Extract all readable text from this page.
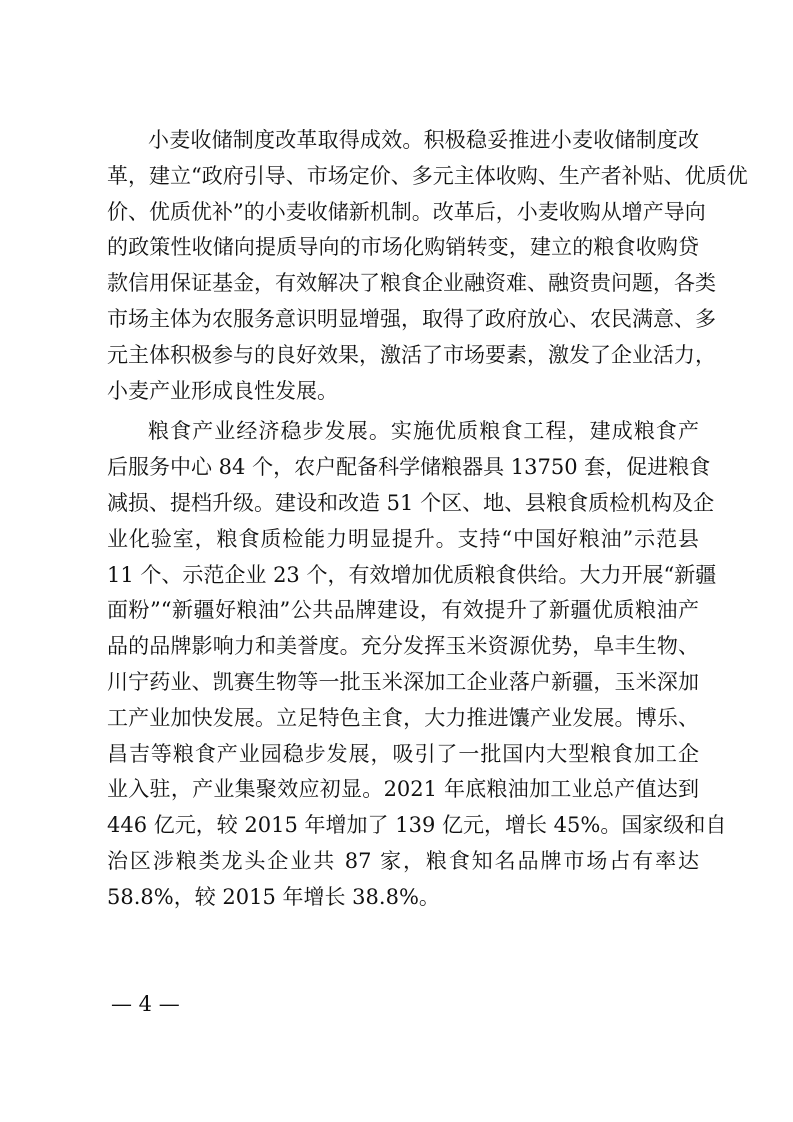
小麦收储制度改革取得成效。积极稳妥推进小麦收储制度改
革，建立“政府引导、市场定价、多元主体收购、生产者补贴、优质优
价、优质优补”的小麦收储新机制。改革后，小麦收购从增产导向
的政策性收储向提质导向的市场化购销转变，建立的粮食收购贷
款信用保证基金，有效解决了粮食企业融资难、融资贵问题，各类
市场主体为农服务意识明显增强，取得了政府放心、农民满意、多
元主体积极参与的良好效果，激活了市场要素，激发了企业活力，
小麦产业形成良性发展。
粮食产业经济稳步发展。实施优质粮食工程，建成粮食产
后服务中心 84 个，农户配备科学储粮器具 13750 套，促进粮食
减损、提档升级。建设和改造 51 个区、地、县粮食质检机构及企
业化验室，粮食质检能力明显提升。支持“中国好粮油”示范县
11 个、示范企业 23 个，有效增加优质粮食供给。大力开展“新疆
面粉”“新疆好粮油”公共品牌建设，有效提升了新疆优质粮油产
品的品牌影响力和美誉度。充分发挥玉米资源优势，阜丰生物、
川宁药业、凯赛生物等一批玉米深加工企业落户新疆，玉米深加
工产业加快发展。立足特色主食，大力推进馕产业发展。博乐、
昌吉等粮食产业园稳步发展，吸引了一批国内大型粮食加工企
业入驻，产业集聚效应初显。2021 年底粮油加工业总产值达到
446 亿元，较 2015 年增加了 139 亿元，增长 45%。国家级和自
治区涉粮类龙头企业共 87 家，粮食知名品牌市场占有率达
58.8%，较 2015 年增长 38.8%。
— 4 —
